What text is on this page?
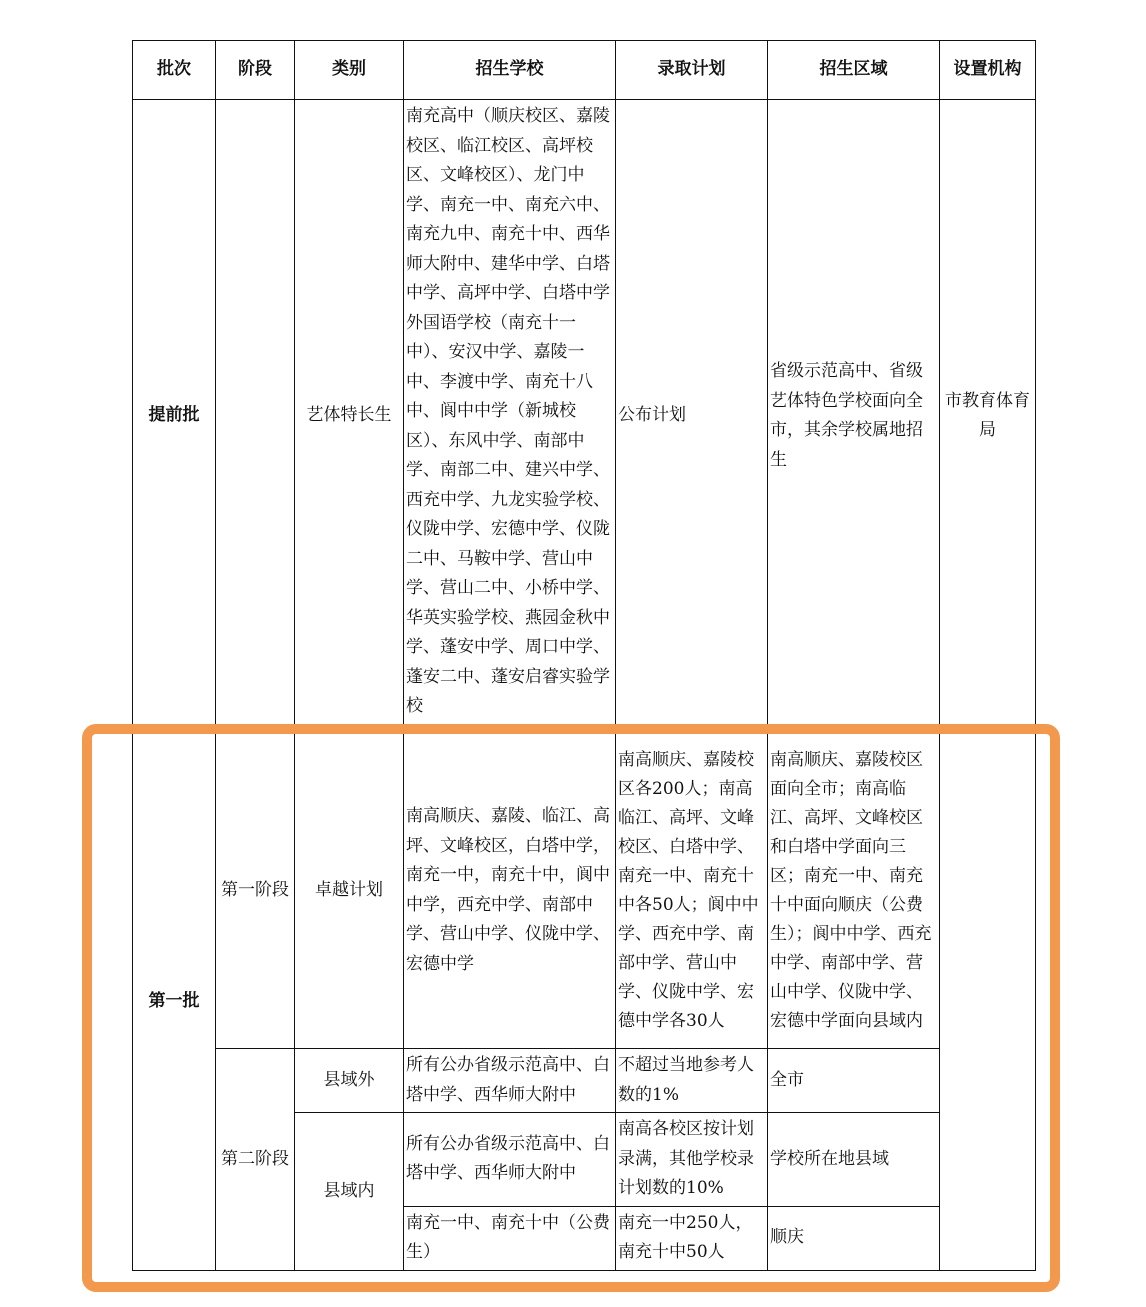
批次	阶段	类别	招生学校	录取计划	招生区域	设置机构
提前批		艺体特长生	南充高中（顺庆校区、嘉陵校区、临江校区、高坪校区、文峰校区）、龙门中学、南充一中、南充六中、南充九中、南充十中、西华师大附中、建华中学、白塔中学、高坪中学、白塔中学外国语学校（南充十一中）、安汉中学、嘉陵一中、李渡中学、南充十八中、阆中中学（新城校区）、东风中学、南部中学、南部二中、建兴中学、西充中学、九龙实验学校、仪陇中学、宏德中学、仪陇二中、马鞍中学、营山中学、营山二中、小桥中学、华英实验学校、燕园金秋中学、蓬安中学、周口中学、蓬安二中、蓬安启睿实验学校	公布计划	省级示范高中、省级艺体特色学校面向全市，其余学校属地招生	市教育体育局
第一批	第一阶段	卓越计划	南高顺庆、嘉陵、临江、高坪、文峰校区，白塔中学，南充一中，南充十中，阆中中学，西充中学、南部中学、营山中学、仪陇中学、宏德中学	南高顺庆、嘉陵校区各200人；南高临江、高坪、文峰校区、白塔中学、南充一中、南充十中各50人；阆中中学、西充中学、南部中学、营山中学、仪陇中学、宏德中学各30人	南高顺庆、嘉陵校区面向全市；南高临江、高坪、文峰校区和白塔中学面向三区；南充一中、南充十中面向顺庆（公费生）；阆中中学、西充中学、南部中学、营山中学、仪陇中学、宏德中学面向县域内	
	第二阶段	县域外	所有公办省级示范高中、白塔中学、西华师大附中	不超过当地参考人数的1%	全市	
		县域内	所有公办省级示范高中、白塔中学、西华师大附中	南高各校区按计划录满，其他学校录计划数的10%	学校所在地县域	
			南充一中、南充十中（公费生）	南充一中250人，南充十中50人	顺庆	
